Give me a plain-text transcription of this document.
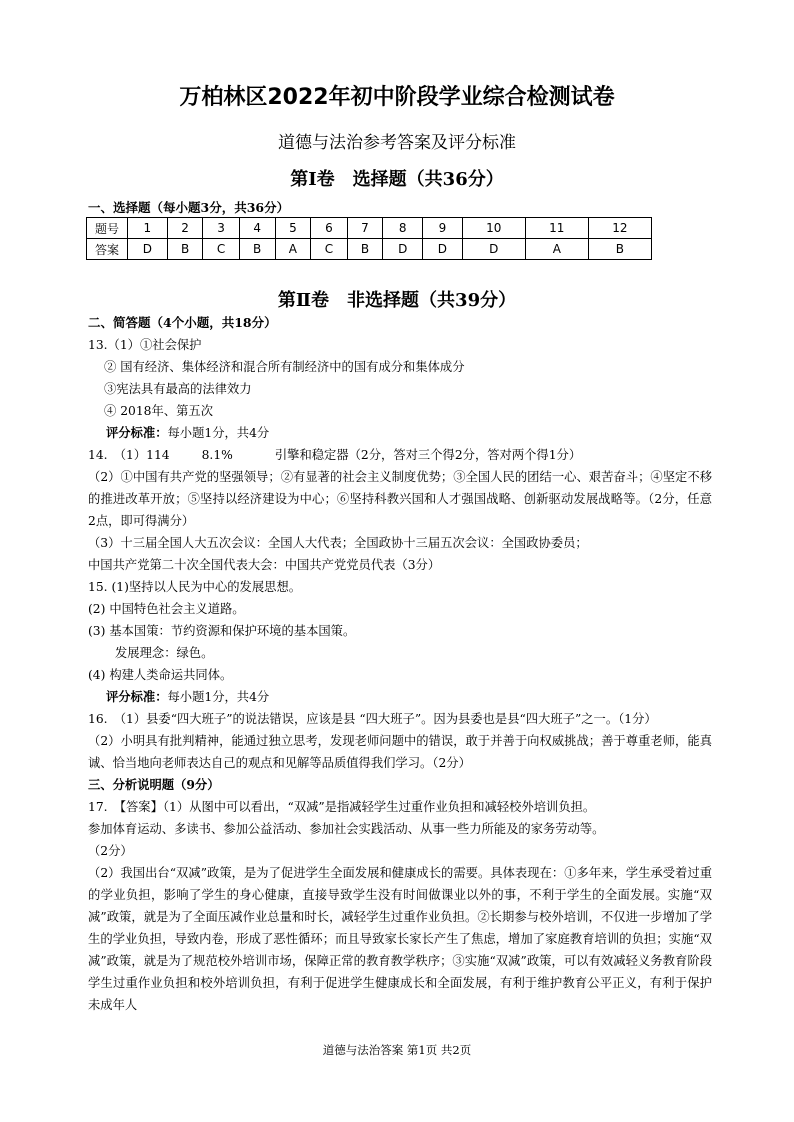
万柏林区2022年初中阶段学业综合检测试卷
道德与法治参考答案及评分标准
第Ⅰ卷　选择题（共36分）
一、选择题（每小题3分，共36分）
题号	1	2	3	4	5	6	7	8	9	10	11	12
答案	D	B	C	B	A	C	B	D	D	D	A	B
第Ⅱ卷　非选择题（共39分）
二、简答题（4个小题，共18分）

13.（1）①社会保护

② 国有经济、集体经济和混合所有制经济中的国有成分和集体成分

③宪法具有最高的法律效力

④ 2018年、第五次

评分标准：每小题1分，共4分

14.　（1）114	8.1%	引擎和稳定器（2分，答对三个得2分，答对两个得1分）

（2）①中国有共产党的坚强领导；②有显著的社会主义制度优势；③全国人民的团结一心、艰苦奋斗；④坚定不移的推进改革开放；⑤坚持以经济建设为中心；⑥坚持科教兴国和人才强国战略、创新驱动发展战略等。（2分，任意2点，即可得满分）

（3）十三届全国人大五次会议：全国人大代表；全国政协十三届五次会议：全国政协委员；

中国共产党第二十次全国代表大会：中国共产党党员代表（3分）

15. (1)坚持以人民为中心的发展思想。

(2) 中国特色社会主义道路。

(3) 基本国策：节约资源和保护环境的基本国策。

发展理念：绿色。

(4) 构建人类命运共同体。

评分标准：每小题1分，共4分

16.　（1）县委“四大班子”的说法错误，应该是县 “四大班子”。因为县委也是县“四大班子”之一。（1分）

（2）小明具有批判精神，能通过独立思考，发现老师问题中的错误，敢于并善于向权威挑战；善于尊重老师，能真诚、恰当地向老师表达自己的观点和见解等品质值得我们学习。（2分）

三、分析说明题（9分）

17.　【答案】（1）从图中可以看出，“双减”是指减轻学生过重作业负担和减轻校外培训负担。

参加体育运动、多读书、参加公益活动、参加社会实践活动、从事一些力所能及的家务劳动等。

（2分）

（2）我国出台“双减”政策，是为了促进学生全面发展和健康成长的需要。具体表现在：①多年来，学生承受着过重的学业负担，影响了学生的身心健康，直接导致学生没有时间做课业以外的事，不利于学生的全面发展。实施“双减”政策，就是为了全面压减作业总量和时长，减轻学生过重作业负担。②长期参与校外培训，不仅进一步增加了学生的学业负担，导致内卷，形成了恶性循环；而且导致家长家长产生了焦虑，增加了家庭教育培训的负担；实施“双减”政策，就是为了规范校外培训市场，保障正常的教育教学秩序；③实施“双减”政策，可以有效减轻义务教育阶段学生过重作业负担和校外培训负担，有利于促进学生健康成长和全面发展，有利于维护教育公平正义，有利于保护未成年人

道德与法治答案 第1页 共2页
